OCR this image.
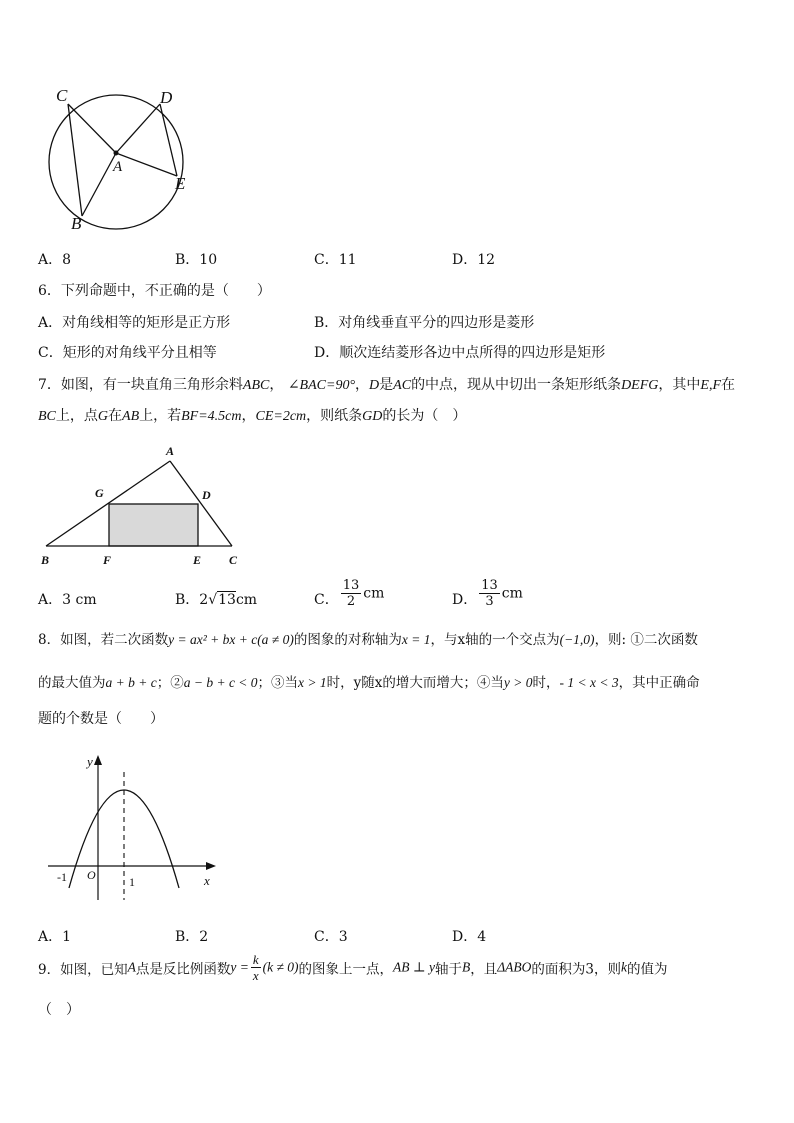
C	D
A
E
B
A．8	B．10	C．11	D．12
6．下列命题中，不正确的是（　　）
A．对角线相等的矩形是正方形	B．对角线垂直平分的四边形是菱形
C．矩形的对角线平分且相等	D．顺次连结菱形各边中点所得的四边形是矩形
7．如图，有一块直角三角形余料ABC， ∠BAC=90°，D是AC的中点，现从中切出一条矩形纸条DEFG，其中E,F在
BC上，点G在AB上，若BF=4.5cm，CE=2cm，则纸条GD的长为（　）
A
G	D
B	F	E C
A．3 cm	B．2√13cm	C． $\frac{13}{2}$ cm	D． $\frac{13}{3}$ cm
8．如图，若二次函数y = ax² + bx + c(a ≠ 0)的图象的对称轴为x = 1，与x轴的一个交点为(−1,0)，则: ①二次函数
的最大值为a + b + c；②a − b + c < 0；③当x > 1时，y随x的增大而增大；④当y > 0时，- 1 < x < 3，其中正确命
题的个数是（　　）
y
x
O
-1	1
A．1	B．2	C．3	D．4
9．如图，已知A点是反比例函数$y = \frac{k}{x} (k \ne 0)$的图象上一点，AB ⊥ y轴于B，且ΔABO的面积为3，则k的值为
（　）
